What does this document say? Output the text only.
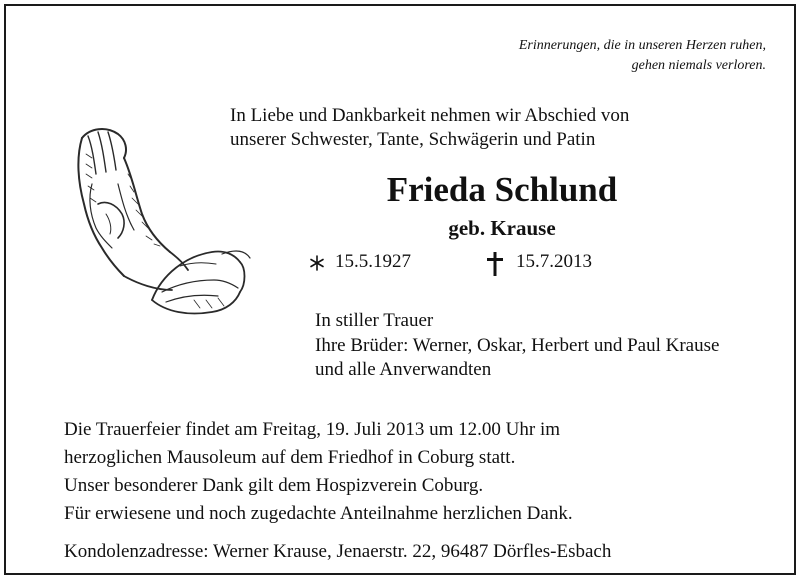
Erinnerungen, die in unseren Herzen ruhen,
gehen niemals verloren.
In Liebe und Dankbarkeit nehmen wir Abschied von
unserer Schwester, Tante, Schwägerin und Patin
Frieda Schlund
geb. Krause
15.5.1927	15.7.2013
In stiller Trauer
Ihre Brüder: Werner, Oskar, Herbert und Paul Krause
und alle Anverwandten
Die Trauerfeier findet am Freitag, 19. Juli 2013 um 12.00 Uhr im
herzoglichen Mausoleum auf dem Friedhof in Coburg statt.
Unser besonderer Dank gilt dem Hospizverein Coburg.
Für erwiesene und noch zugedachte Anteilnahme herzlichen Dank.
Kondolenzadresse: Werner Krause, Jenaerstr. 22, 96487 Dörfles-Esbach
